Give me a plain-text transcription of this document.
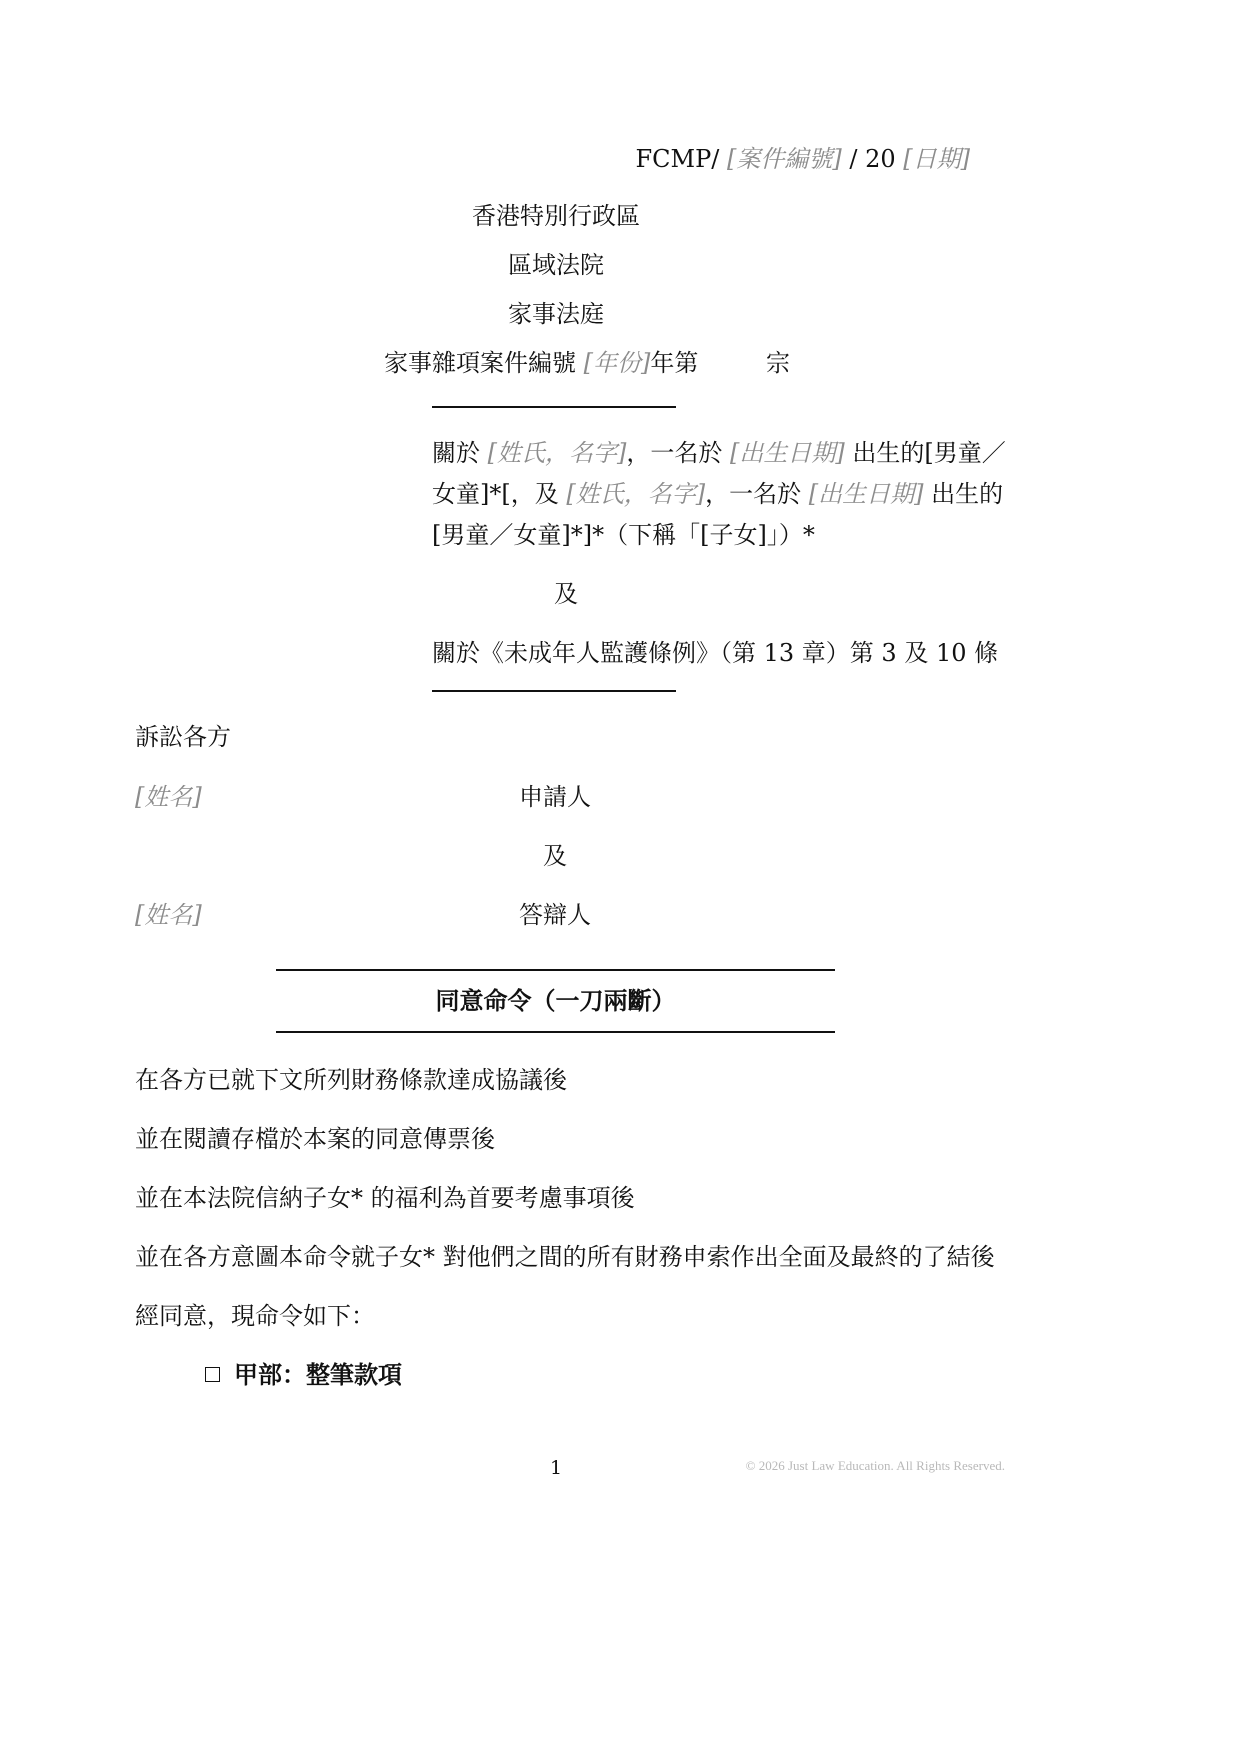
FCMP/ [案件編號] / 20 [日期]
香港特別行政區
區域法院
家事法庭
家事雜項案件編號 [年份]年第	宗
關於 [姓氏，名字]，一名於 [出生日期] 出生的[男童／
女童]*[，及 [姓氏，名字]，一名於 [出生日期] 出生的
[男童／女童]*]*（下稱「[子女]」）*
及
關於《未成年人監護條例》（第 13 章）第 3 及 10 條
訴訟各方
[姓名]	申請人
及
[姓名]	答辯人
同意命令（一刀兩斷）
在各方已就下文所列財務條款達成協議後
並在閱讀存檔於本案的同意傳票後
並在本法院信納子女* 的福利為首要考慮事項後
並在各方意圖本命令就子女* 對他們之間的所有財務申索作出全面及最終的了結後
經同意，現命令如下：
甲部：整筆款項
1	© 2026 Just Law Education. All Rights Reserved.
